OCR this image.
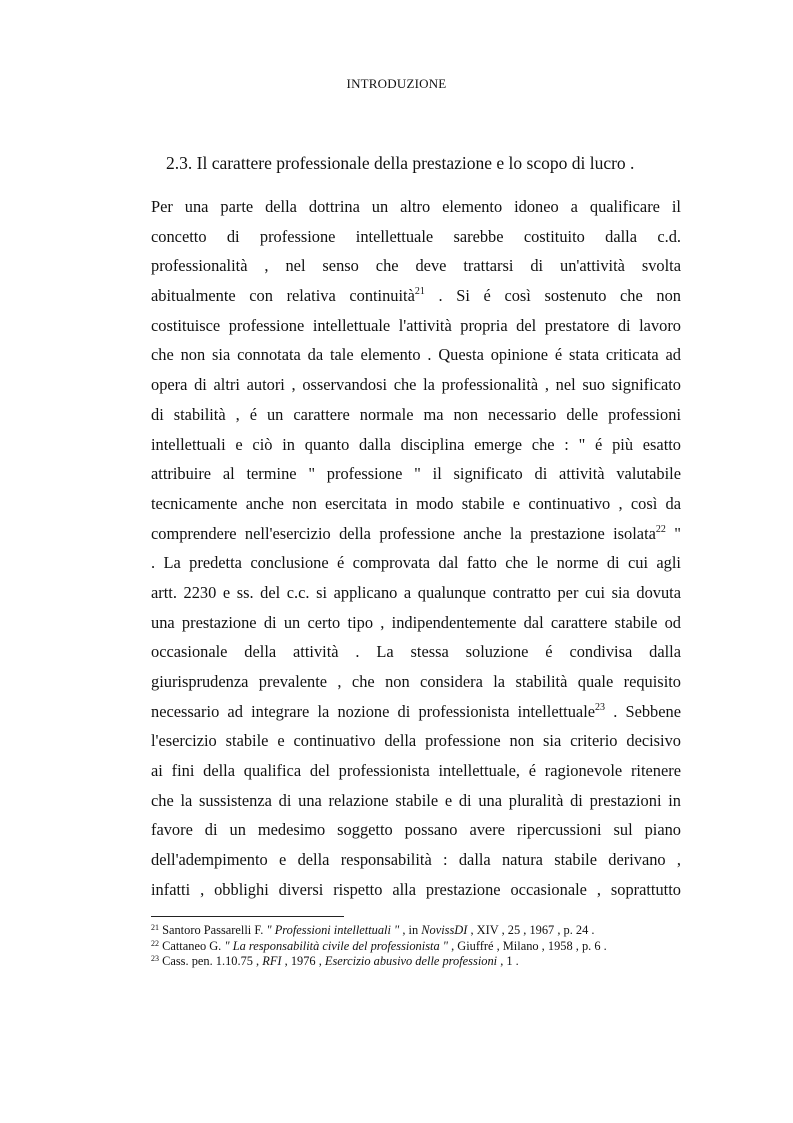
INTRODUZIONE
2.3. Il carattere professionale della prestazione e lo scopo di lucro .
Per una parte della dottrina un altro elemento idoneo a qualificare il
concetto di professione intellettuale sarebbe costituito dalla c.d.
professionalità , nel senso che deve trattarsi di un'attività svolta
abitualmente con relativa continuità$^{21}$ . Si é così sostenuto che non
costituisce professione intellettuale l'attività propria del prestatore di lavoro
che non sia connotata da tale elemento . Questa opinione é stata criticata ad
opera di altri autori , osservandosi che la professionalità , nel suo significato
di stabilità , é un carattere normale ma non necessario delle professioni
intellettuali e ciò in quanto dalla disciplina emerge che : " é più esatto
attribuire al termine " professione " il significato di attività valutabile
tecnicamente anche non esercitata in modo stabile e continuativo , così da
comprendere nell'esercizio della professione anche la prestazione isolata$^{22}$ "
. La predetta conclusione é comprovata dal fatto che le norme di cui agli
artt. 2230 e ss. del c.c. si applicano a qualunque contratto per cui sia dovuta
una prestazione di un certo tipo , indipendentemente dal carattere stabile od
occasionale della attività . La stessa soluzione é condivisa dalla
giurisprudenza prevalente , che non considera la stabilità quale requisito
necessario ad integrare la nozione di professionista intellettuale$^{23}$ . Sebbene
l'esercizio stabile e continuativo della professione non sia criterio decisivo
ai fini della qualifica del professionista intellettuale, é ragionevole ritenere
che la sussistenza di una relazione stabile e di una pluralità di prestazioni in
favore di un medesimo soggetto possano avere ripercussioni sul piano
dell'adempimento e della responsabilità : dalla natura stabile derivano ,
infatti , obblighi diversi rispetto alla prestazione occasionale , soprattutto
$^{21}$ Santoro Passarelli F. " Professioni intellettuali " , in NovissDI , XIV , 25 , 1967 , p. 24 .
$^{22}$ Cattaneo G. " La responsabilità civile del professionista " , Giuffré , Milano , 1958 , p. 6 .
$^{23}$ Cass. pen. 1.10.75 , RFI , 1976 , Esercizio abusivo delle professioni , 1 .
